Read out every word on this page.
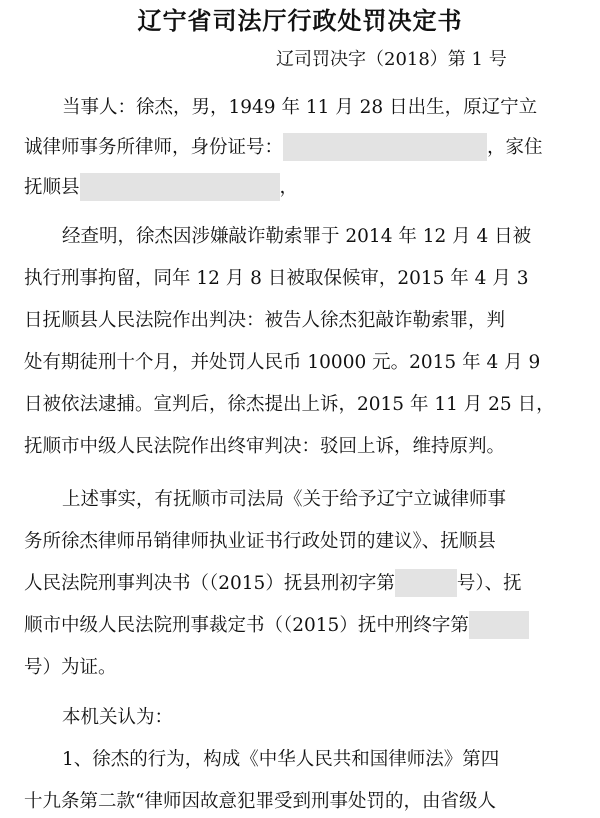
辽宁省司法厅行政处罚决定书
辽司罚决字（2018）第 1 号
当事人：徐杰，男，1949 年 11 月 28 日出生，原辽宁立
诚律师事务所律师，身份证号：	，家住
抚顺县	，
经查明，徐杰因涉嫌敲诈勒索罪于 2014 年 12 月 4 日被
执行刑事拘留，同年 12 月 8 日被取保候审，2015 年 4 月 3
日抚顺县人民法院作出判决：被告人徐杰犯敲诈勒索罪，判
处有期徒刑十个月，并处罚人民币 10000 元。2015 年 4 月 9
日被依法逮捕。宣判后，徐杰提出上诉，2015 年 11 月 25 日，
抚顺市中级人民法院作出终审判决：驳回上诉，维持原判。
上述事实，有抚顺市司法局《关于给予辽宁立诚律师事
务所徐杰律师吊销律师执业证书行政处罚的建议》、抚顺县
人民法院刑事判决书（（2015）抚县刑初字第	号）、抚
顺市中级人民法院刑事裁定书（（2015）抚中刑终字第
号）为证。
本机关认为：
1、徐杰的行为，构成《中华人民共和国律师法》第四
十九条第二款“律师因故意犯罪受到刑事处罚的，由省级人
